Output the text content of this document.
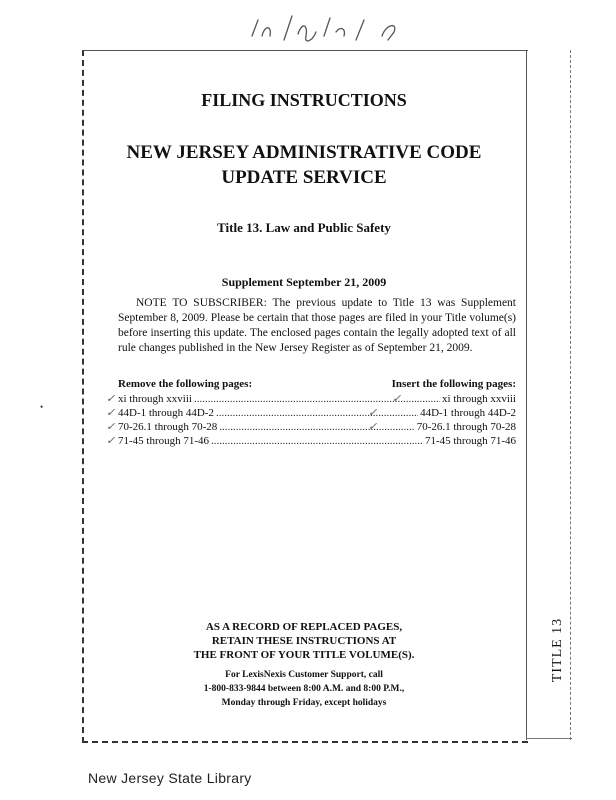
TITLE 13
FILING INSTRUCTIONS
NEW JERSEY ADMINISTRATIVE CODE
UPDATE SERVICE
Title 13. Law and Public Safety
Supplement September 21, 2009
NOTE TO SUBSCRIBER: The previous update to Title 13 was Supplement September 8, 2009. Please be certain that those pages are filed in your Title volume(s) before inserting this update. The enclosed pages contain the legally adopted text of all rule changes published in the New Jersey Register as of September 21, 2009.
Remove the following pages:	Insert the following pages:
xi through xxviii .....	xi through xxviii
44D-1 through 44D-2 .....	44D-1 through 44D-2
70-26.1 through 70-28 .....	70-26.1 through 70-28
71-45 through 71-46 .....	71-45 through 71-46
✓
✓
✓
✓
✓
✓
✓
•
AS A RECORD OF REPLACED PAGES,
RETAIN THESE INSTRUCTIONS AT
THE FRONT OF YOUR TITLE VOLUME(S).
For LexisNexis Customer Support, call
1-800-833-9844 between 8:00 A.M. and 8:00 P.M.,
Monday through Friday, except holidays
New Jersey State Library
